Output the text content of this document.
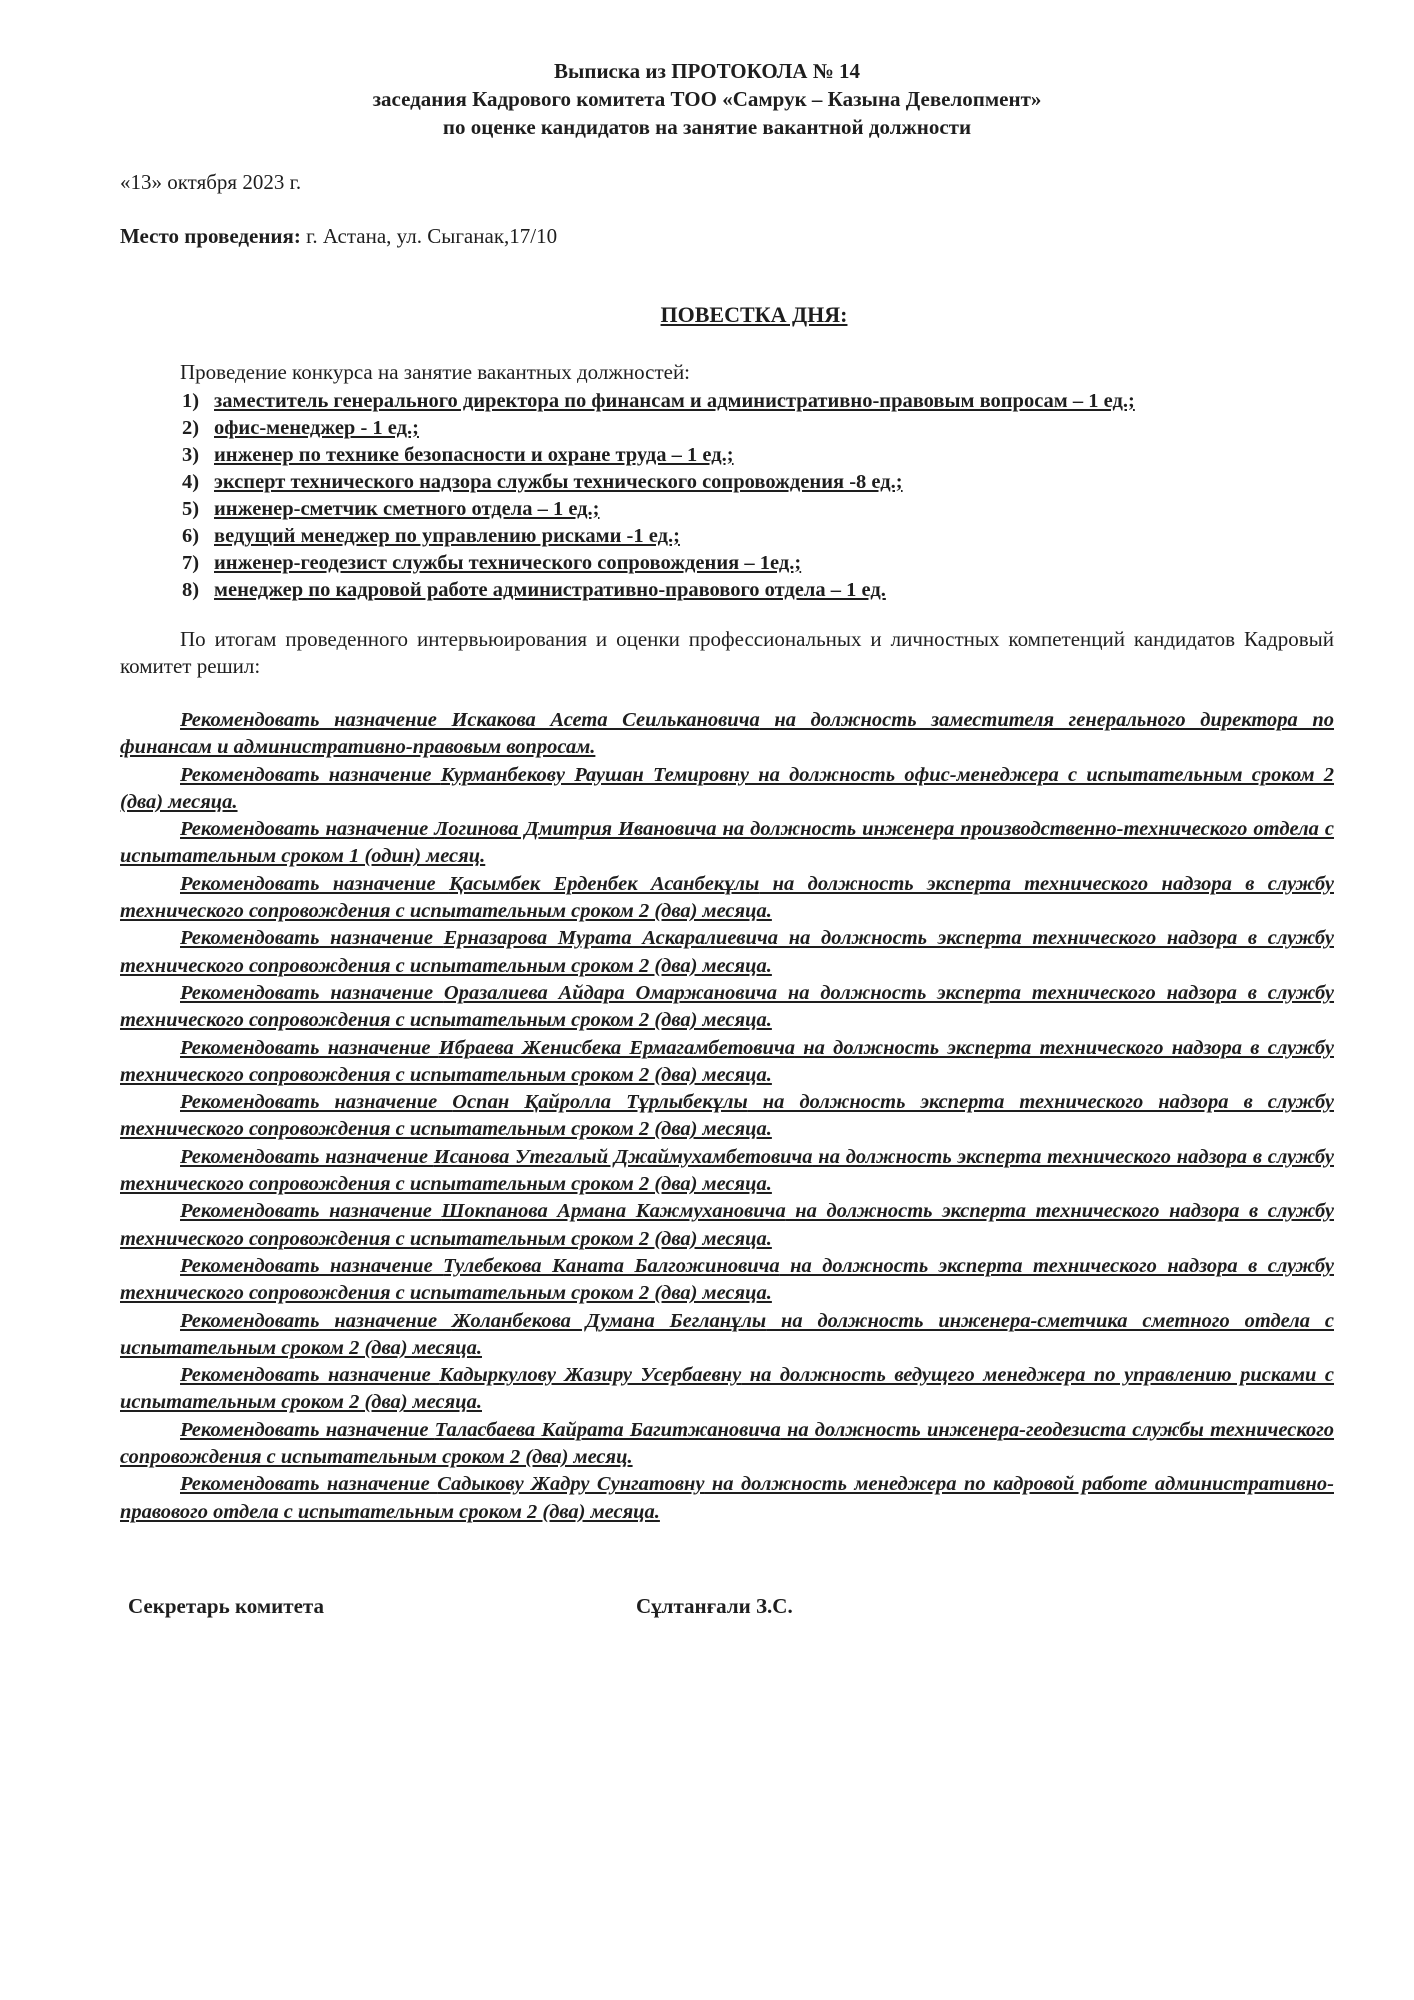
Выписка из ПРОТОКОЛА № 14
заседания Кадрового комитета ТОО «Самрук – Казына Девелопмент»
по оценке кандидатов на занятие вакантной должности
«13» октября 2023 г.
Место проведения: г. Астана, ул. Сыганак,17/10
ПОВЕСТКА ДНЯ:
Проведение конкурса на занятие вакантных должностей:
1) заместитель генерального директора по финансам и административно-правовым вопросам – 1 ед.;
2) офис-менеджер - 1 ед.;
3) инженер по технике безопасности и охране труда – 1 ед.;
4) эксперт технического надзора службы технического сопровождения -8 ед.;
5) инженер-сметчик сметного отдела – 1 ед.;
6) ведущий менеджер по управлению рисками -1 ед.;
7) инженер-геодезист службы технического сопровождения – 1ед.;
8) менеджер по кадровой работе административно-правового отдела – 1 ед.
По итогам проведенного интервьюирования и оценки профессиональных и личностных компетенций кандидатов Кадровый комитет решил:

Рекомендовать назначение Искакова Асета Сеилькановича на должность заместителя генерального директора по финансам и административно-правовым вопросам.

Рекомендовать назначение Курманбекову Раушан Темировну на должность офис-менеджера с испытательным сроком 2 (два) месяца.

Рекомендовать назначение Логинова Дмитрия Ивановича на должность инженера производственно-технического отдела с испытательным сроком 1 (один) месяц.

Рекомендовать назначение Қасымбек Ерденбек Асанбекұлы на должность эксперта технического надзора в службу технического сопровождения с испытательным сроком 2 (два) месяца.

Рекомендовать назначение Ерназарова Мурата Аскаралиевича на должность эксперта технического надзора в службу технического сопровождения с испытательным сроком 2 (два) месяца.

Рекомендовать назначение Оразалиева Айдара Омаржановича на должность эксперта технического надзора в службу технического сопровождения с испытательным сроком 2 (два) месяца.

Рекомендовать назначение Ибраева Женисбека Ермагамбетовича на должность эксперта технического надзора в службу технического сопровождения с испытательным сроком 2 (два) месяца.

Рекомендовать назначение Оспан Қайролла Тұрлыбекұлы на должность эксперта технического надзора в службу технического сопровождения с испытательным сроком 2 (два) месяца.

Рекомендовать назначение Исанова Утегалый Джаймухамбетовича на должность эксперта технического надзора в службу технического сопровождения с испытательным сроком 2 (два) месяца.

Рекомендовать назначение Шокпанова Армана Кажмухановича на должность эксперта технического надзора в службу технического сопровождения с испытательным сроком 2 (два) месяца.

Рекомендовать назначение Тулебекова Каната Балгожиновича на должность эксперта технического надзора в службу технического сопровождения с испытательным сроком 2 (два) месяца.

Рекомендовать назначение Жоланбекова Думана Бегланұлы на должность инженера-сметчика сметного отдела с испытательным сроком 2 (два) месяца.

Рекомендовать назначение Кадыркулову Жазиру Усербаевну на должность ведущего менеджера по управлению рисками с испытательным сроком 2 (два) месяца.

Рекомендовать назначение Таласбаева Кайрата Багитжановича на должность инженера-геодезиста службы технического сопровождения с испытательным сроком 2 (два) месяц.

Рекомендовать назначение Садыкову Жадру Сунгатовну на должность менеджера по кадровой работе административно-правового отдела с испытательным сроком 2 (два) месяца.

Секретарь комитета	Сұлтанғали З.С.
